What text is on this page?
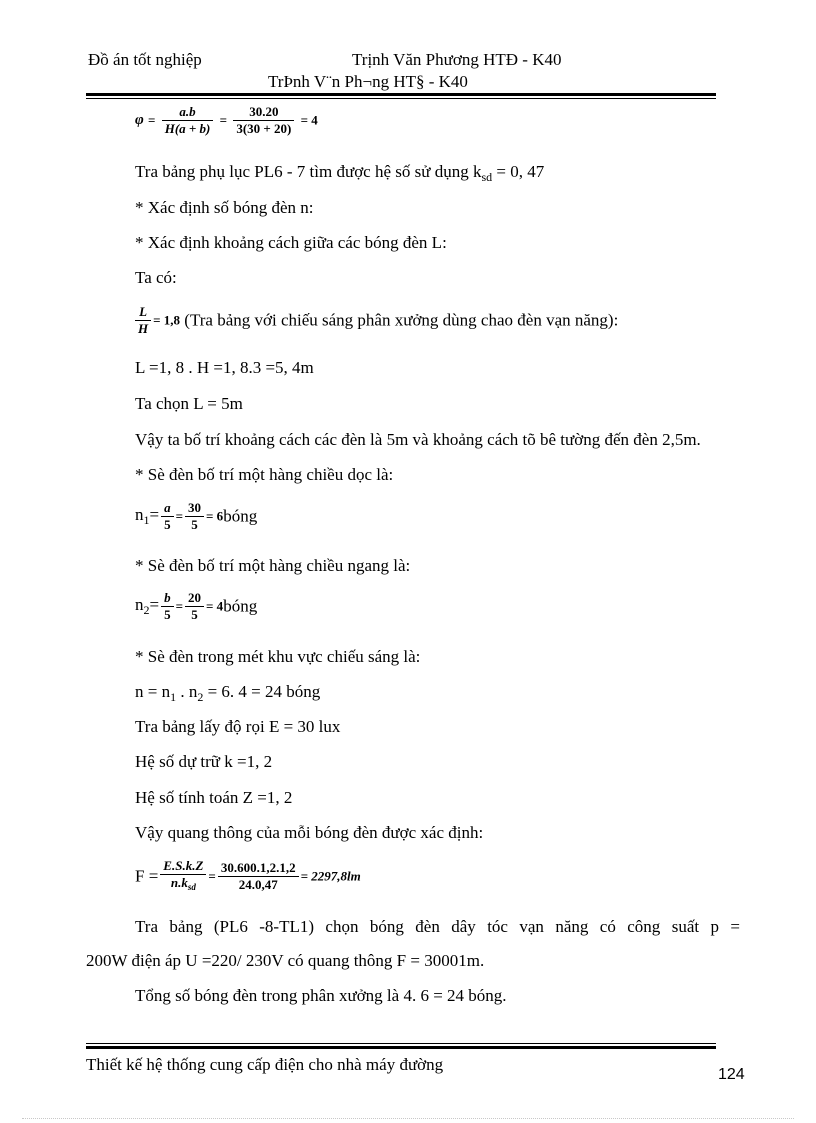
Đồ án tốt nghiệp	Trịnh Văn Phương HTĐ - K40
TrÞnh V¨n Ph¬ng HT§ - K40
$\varphi = \frac{a.b}{H(a + b)} = \frac{30.20}{3(30 + 20)} = 4$
Tra bảng phụ lục PL6 - 7 tìm được hệ số sử dụng $k_{sd} = 0$, 47
* Xác định số bóng đèn n:
* Xác định khoảng cách giữa các bóng đèn L:
Ta có:
$\frac{L}{H} = 1,8$ (Tra bảng với chiếu sáng phân xưởng dùng chao đèn vạn năng):
L =1, 8 . H =1, 8.3 =5, 4m
Ta chọn L = 5m
Vậy ta bố trí khoảng cách các đèn là 5m và khoảng cách tõ bê tường đến đèn 2,5m.
* Sè đèn bố trí một hàng chiều dọc là:
$n_1= \frac{a}{5} = \frac{30}{5}$ = 6bóng
* Sè đèn bố trí một hàng chiều ngang là:
$n_2= \frac{b}{5} = \frac{20}{5}$ = 4bóng
* Sè đèn trong mét khu vực chiếu sáng là:
$n = n_1$ . $n_2 = 6$. 4 = 24 bóng
Tra bảng lấy độ rọi E = 30 lux
Hệ số dự trữ k =1, 2
Hệ số tính toán Z =1, 2
Vậy quang thông của mỗi bóng đèn được xác định:
$F = \frac{E.S.k.Z}{n.k_{sd}} = \frac{30.600.1,2.1,2}{24.0,47} = 2297,8lm$
Tra bảng (PL6 -8-TL1) chọn bóng đèn dây tóc vạn năng có công suất p =
200W điện áp U =220/ 230V có quang thông F = 30001m.
Tổng số bóng đèn trong phân xưởng là 4. 6 = 24 bóng.
Thiết kế hệ thống cung cấp điện cho nhà máy đường
124
